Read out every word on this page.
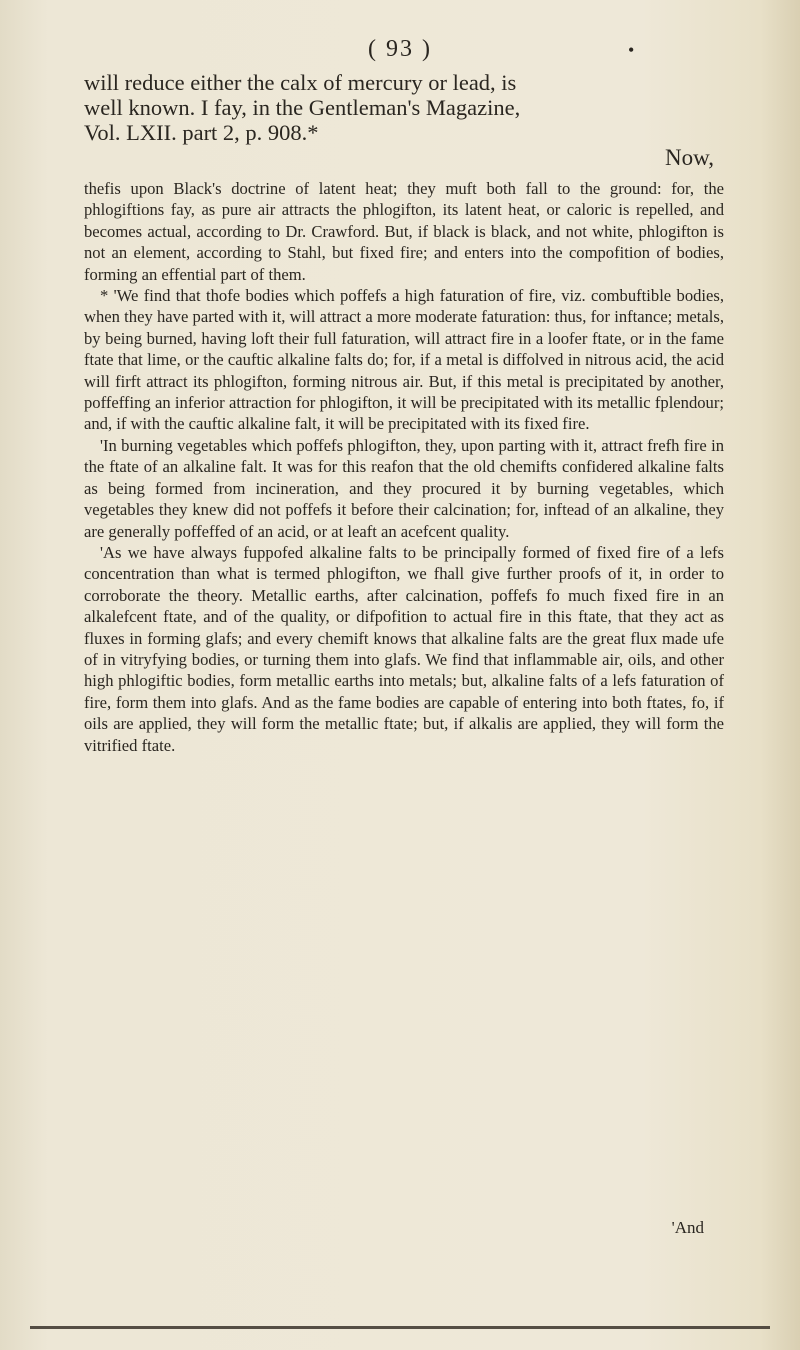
( 93 )	•
will reduce either the calx of mercury or lead, is
well known. I fay, in the Gentleman's Magazine,
Vol. LXII. part 2, p. 908.*
Now,

thefis upon Black's doctrine of latent heat; they muft both fall to the ground: for, the phlogiftions fay, as pure air attracts the phlogifton, its latent heat, or caloric is repelled, and becomes actual, according to Dr. Crawford. But, if black is black, and not white, phlogifton is not an element, according to Stahl, but fixed fire; and enters into the compofition of bodies, forming an effential part of them.

* 'We find that thofe bodies which poffefs a high faturation of fire, viz. combuftible bodies, when they have parted with it, will attract a more moderate faturation: thus, for inftance; metals, by being burned, having loft their full faturation, will attract fire in a loofer ftate, or in the fame ftate that lime, or the cauftic alkaline falts do; for, if a metal is diffolved in nitrous acid, the acid will firft attract its phlogifton, forming nitrous air. But, if this metal is precipitated by another, poffeffing an inferior attraction for phlogifton, it will be precipitated with its metallic fplendour; and, if with the cauftic alkaline falt, it will be precipitated with its fixed fire.

'In burning vegetables which poffefs phlogifton, they, upon parting with it, attract frefh fire in the ftate of an alkaline falt. It was for this reafon that the old chemifts confidered alkaline falts as being formed from incineration, and they procured it by burning vegetables, which vegetables they knew did not poffefs it before their calcination; for, inftead of an alkaline, they are generally poffeffed of an acid, or at leaft an acefcent quality.

'As we have always fuppofed alkaline falts to be principally formed of fixed fire of a lefs concentration than what is termed phlogifton, we fhall give further proofs of it, in order to corroborate the theory. Metallic earths, after calcination, poffefs fo much fixed fire in an alkalefcent ftate, and of the quality, or difpofition to actual fire in this ftate, that they act as fluxes in forming glafs; and every chemift knows that alkaline falts are the great flux made ufe of in vitryfying bodies, or turning them into glafs. We find that inflammable air, oils, and other high phlogiftic bodies, form metallic earths into metals; but, alkaline falts of a lefs faturation of fire, form them into glafs. And as the fame bodies are capable of entering into both ftates, fo, if oils are applied, they will form the metallic ftate; but, if alkalis are applied, they will form the vitrified ftate.

'And
